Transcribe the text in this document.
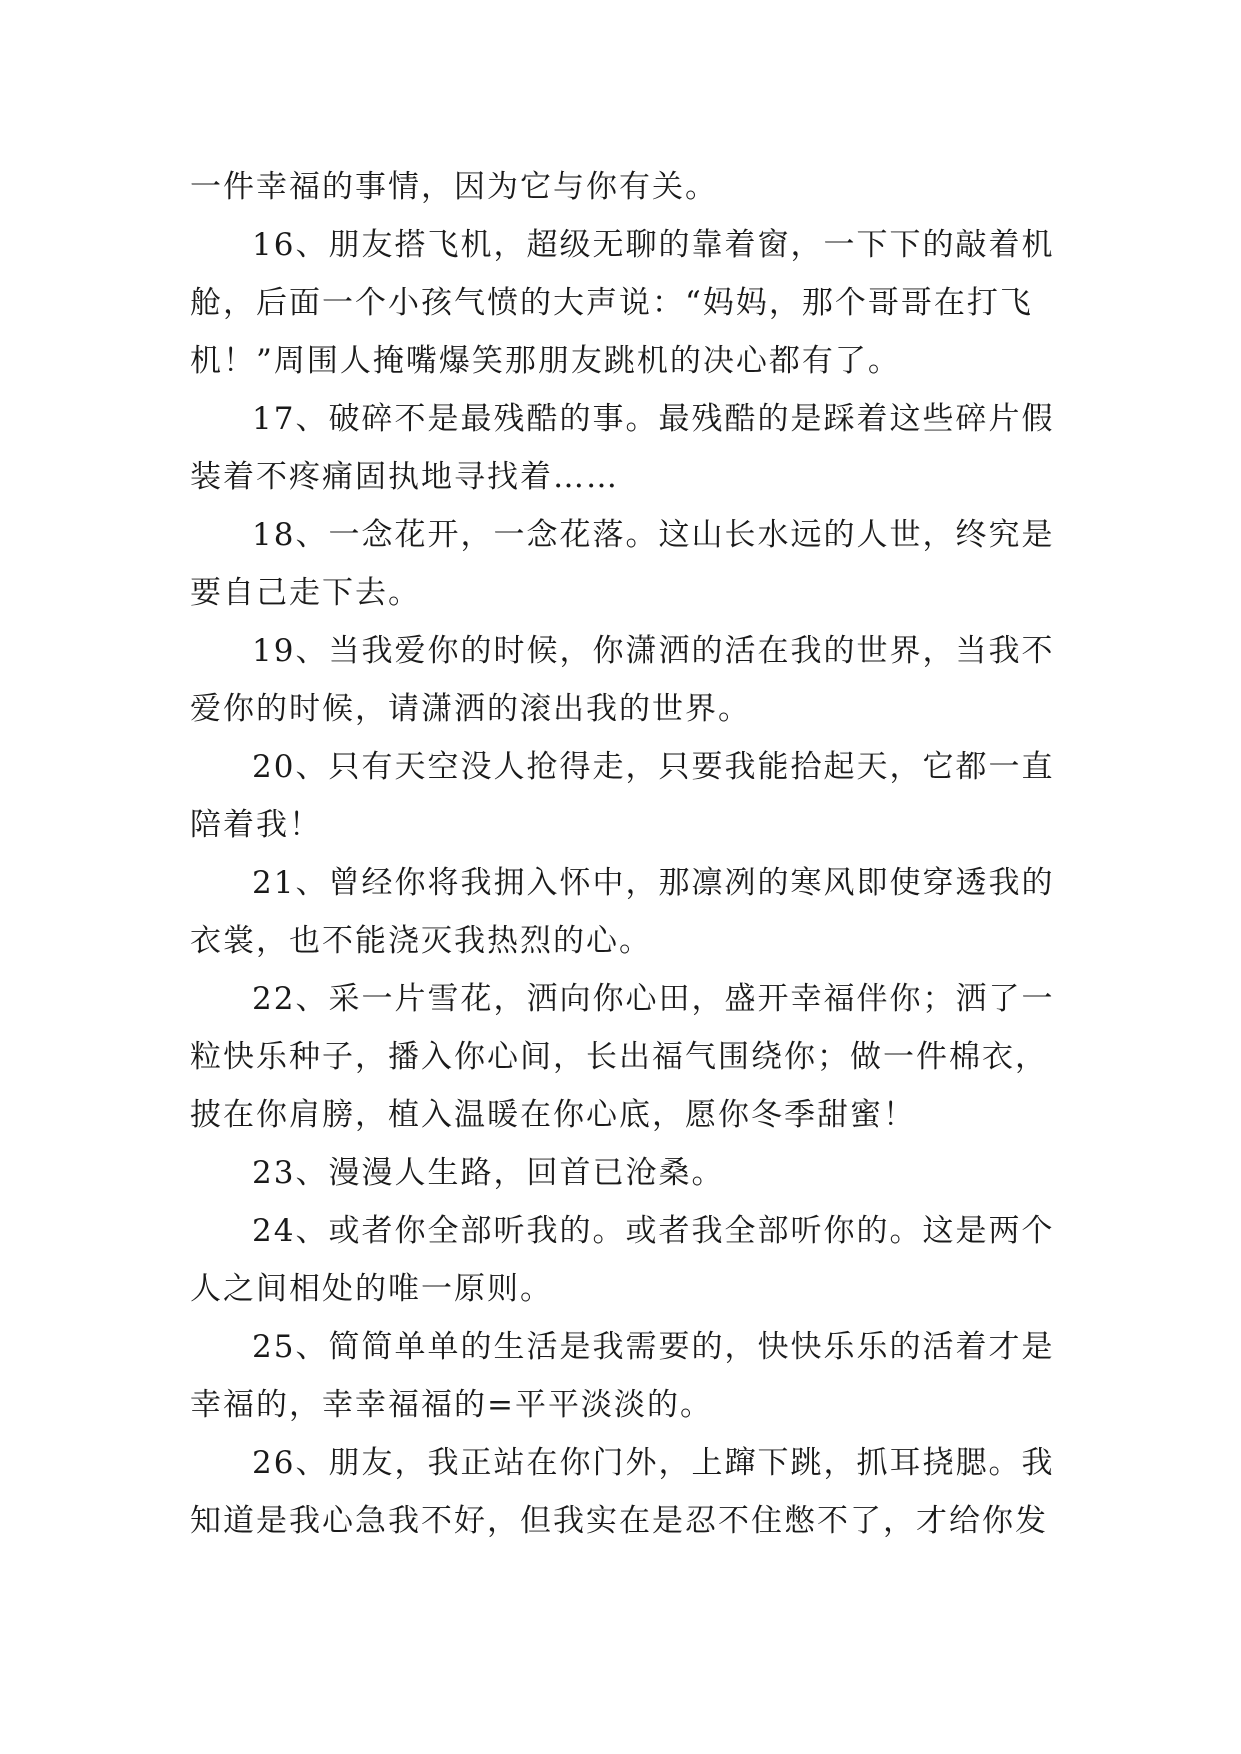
一件幸福的事情，因为它与你有关。
16、朋友搭飞机，超级无聊的靠着窗，一下下的敲着机
舱，后面一个小孩气愤的大声说：“妈妈，那个哥哥在打飞
机！”周围人掩嘴爆笑那朋友跳机的决心都有了。
17、破碎不是最残酷的事。最残酷的是踩着这些碎片假
装着不疼痛固执地寻找着……
18、一念花开，一念花落。这山长水远的人世，终究是
要自己走下去。
19、当我爱你的时候，你潇洒的活在我的世界，当我不
爱你的时候，请潇洒的滚出我的世界。
20、只有天空没人抢得走，只要我能拾起天，它都一直
陪着我！
21、曾经你将我拥入怀中，那凛冽的寒风即使穿透我的
衣裳，也不能浇灭我热烈的心。
22、采一片雪花，洒向你心田，盛开幸福伴你；洒了一
粒快乐种子，播入你心间，长出福气围绕你；做一件棉衣，
披在你肩膀，植入温暖在你心底，愿你冬季甜蜜！
23、漫漫人生路，回首已沧桑。
24、或者你全部听我的。或者我全部听你的。这是两个
人之间相处的唯一原则。
25、简简单单的生活是我需要的，快快乐乐的活着才是
幸福的，幸幸福福的=平平淡淡的。
26、朋友，我正站在你门外，上蹿下跳，抓耳挠腮。我
知道是我心急我不好，但我实在是忍不住憋不了，才给你发
